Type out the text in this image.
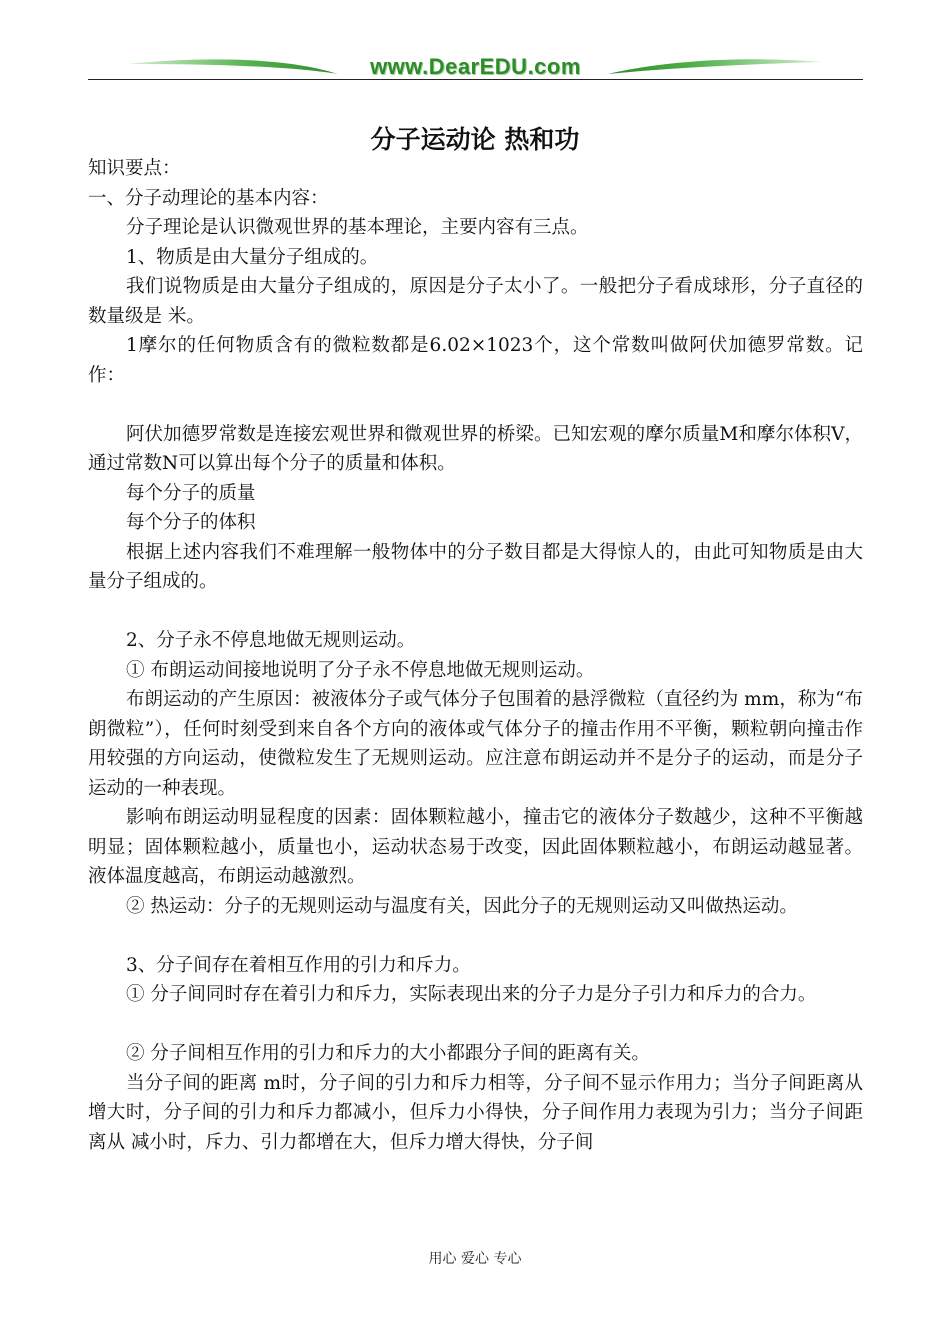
www.DearEDU.com
分子运动论 热和功

知识要点：

一、分子动理论的基本内容：

分子理论是认识微观世界的基本理论，主要内容有三点。

1、物质是由大量分子组成的。

我们说物质是由大量分子组成的，原因是分子太小了。一般把分子看成球形，分子直径的数量级是 米。

1摩尔的任何物质含有的微粒数都是6.02×1023个，这个常数叫做阿伏加德罗常数。记作：

阿伏加德罗常数是连接宏观世界和微观世界的桥梁。已知宏观的摩尔质量M和摩尔体积V，通过常数N可以算出每个分子的质量和体积。

每个分子的质量

每个分子的体积

根据上述内容我们不难理解一般物体中的分子数目都是大得惊人的，由此可知物质是由大量分子组成的。

2、分子永不停息地做无规则运动。

① 布朗运动间接地说明了分子永不停息地做无规则运动。

布朗运动的产生原因：被液体分子或气体分子包围着的悬浮微粒（直径约为 mm，称为“布朗微粒”），任何时刻受到来自各个方向的液体或气体分子的撞击作用不平衡，颗粒朝向撞击作用较强的方向运动，使微粒发生了无规则运动。应注意布朗运动并不是分子的运动，而是分子运动的一种表现。

影响布朗运动明显程度的因素：固体颗粒越小，撞击它的液体分子数越少，这种不平衡越明显；固体颗粒越小，质量也小，运动状态易于改变，因此固体颗粒越小，布朗运动越显著。液体温度越高，布朗运动越激烈。

② 热运动：分子的无规则运动与温度有关，因此分子的无规则运动又叫做热运动。

3、分子间存在着相互作用的引力和斥力。

① 分子间同时存在着引力和斥力，实际表现出来的分子力是分子引力和斥力的合力。

② 分子间相互作用的引力和斥力的大小都跟分子间的距离有关。

当分子间的距离 m时，分子间的引力和斥力相等，分子间不显示作用力；当分子间距离从 增大时，分子间的引力和斥力都减小，但斥力小得快，分子间作用力表现为引力；当分子间距离从 减小时，斥力、引力都增在大，但斥力增大得快，分子间

用心 爱心 专心
